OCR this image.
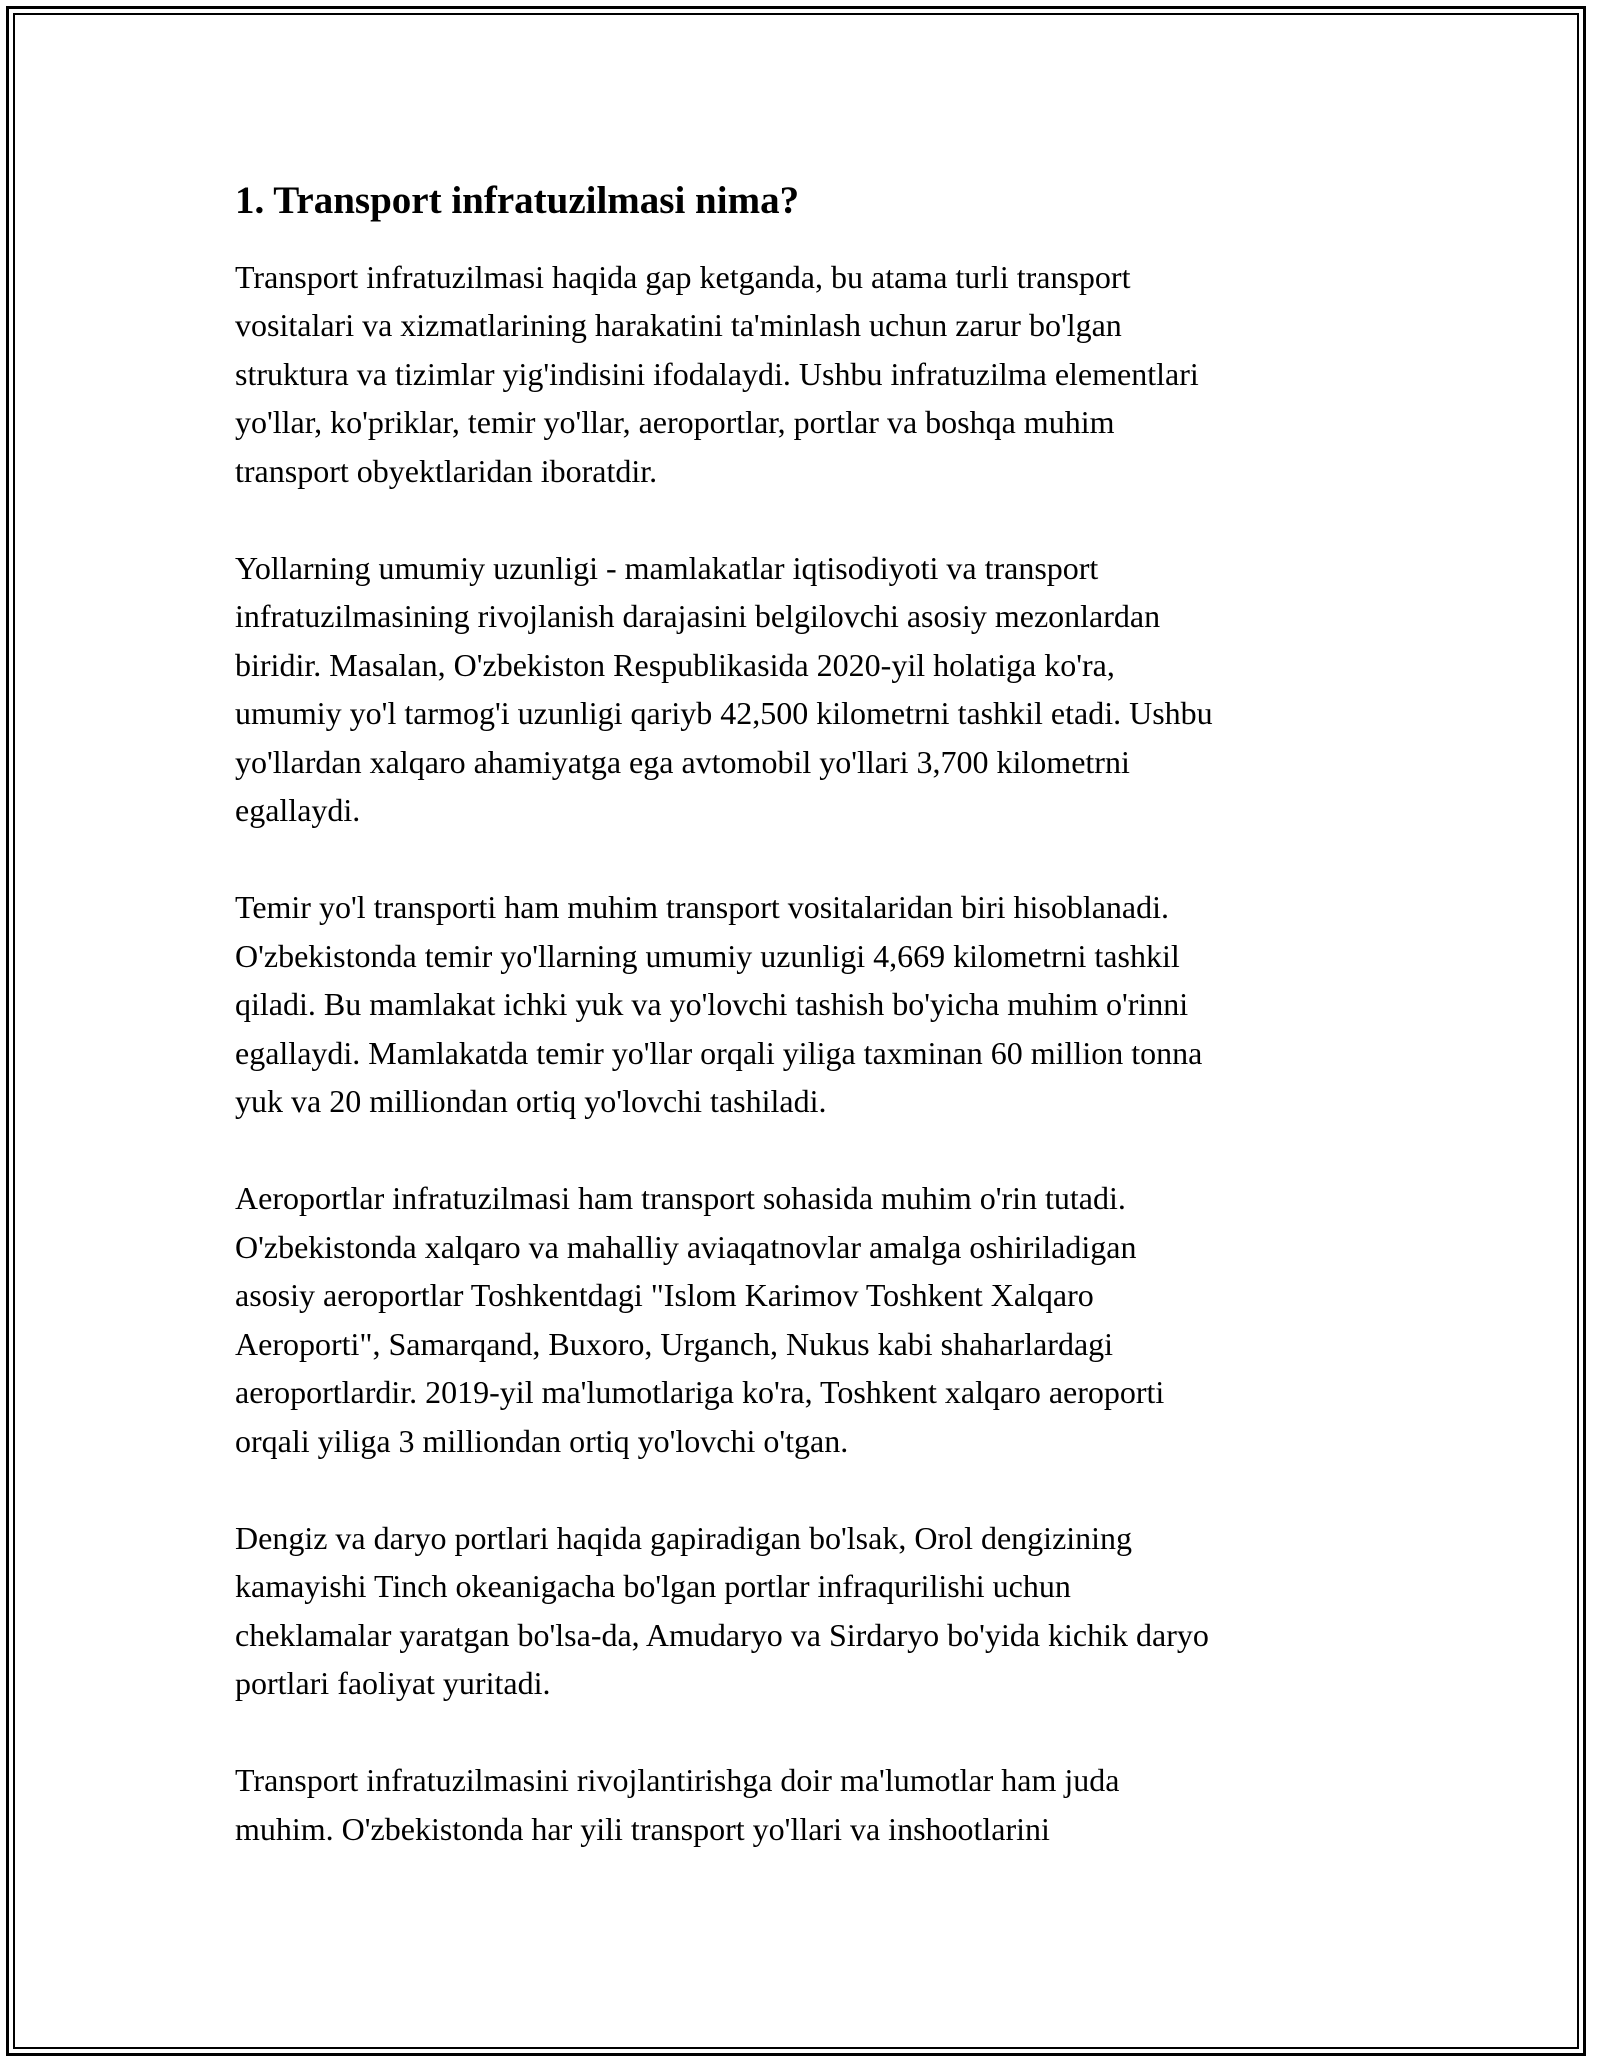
1. Transport infratuzilmasi nima?

Transport infratuzilmasi haqida gap ketganda, bu atama turli transport
vositalari va xizmatlarining harakatini ta'minlash uchun zarur bo'lgan
struktura va tizimlar yig'indisini ifodalaydi. Ushbu infratuzilma elementlari
yo'llar, ko'priklar, temir yo'llar, aeroportlar, portlar va boshqa muhim
transport obyektlaridan iboratdir.

Yollarning umumiy uzunligi - mamlakatlar iqtisodiyoti va transport
infratuzilmasining rivojlanish darajasini belgilovchi asosiy mezonlardan
biridir. Masalan, O'zbekiston Respublikasida 2020-yil holatiga ko'ra,
umumiy yo'l tarmog'i uzunligi qariyb 42,500 kilometrni tashkil etadi. Ushbu
yo'llardan xalqaro ahamiyatga ega avtomobil yo'llari 3,700 kilometrni
egallaydi.

Temir yo'l transporti ham muhim transport vositalaridan biri hisoblanadi.
O'zbekistonda temir yo'llarning umumiy uzunligi 4,669 kilometrni tashkil
qiladi. Bu mamlakat ichki yuk va yo'lovchi tashish bo'yicha muhim o'rinni
egallaydi. Mamlakatda temir yo'llar orqali yiliga taxminan 60 million tonna
yuk va 20 milliondan ortiq yo'lovchi tashiladi.

Aeroportlar infratuzilmasi ham transport sohasida muhim o'rin tutadi.
O'zbekistonda xalqaro va mahalliy aviaqatnovlar amalga oshiriladigan
asosiy aeroportlar Toshkentdagi "Islom Karimov Toshkent Xalqaro
Aeroporti", Samarqand, Buxoro, Urganch, Nukus kabi shaharlardagi
aeroportlardir. 2019-yil ma'lumotlariga ko'ra, Toshkent xalqaro aeroporti
orqali yiliga 3 milliondan ortiq yo'lovchi o'tgan.

Dengiz va daryo portlari haqida gapiradigan bo'lsak, Orol dengizining
kamayishi Tinch okeanigacha bo'lgan portlar infraqurilishi uchun
cheklamalar yaratgan bo'lsa-da, Amudaryo va Sirdaryo bo'yida kichik daryo
portlari faoliyat yuritadi.

Transport infratuzilmasini rivojlantirishga doir ma'lumotlar ham juda
muhim. O'zbekistonda har yili transport yo'llari va inshootlarini
